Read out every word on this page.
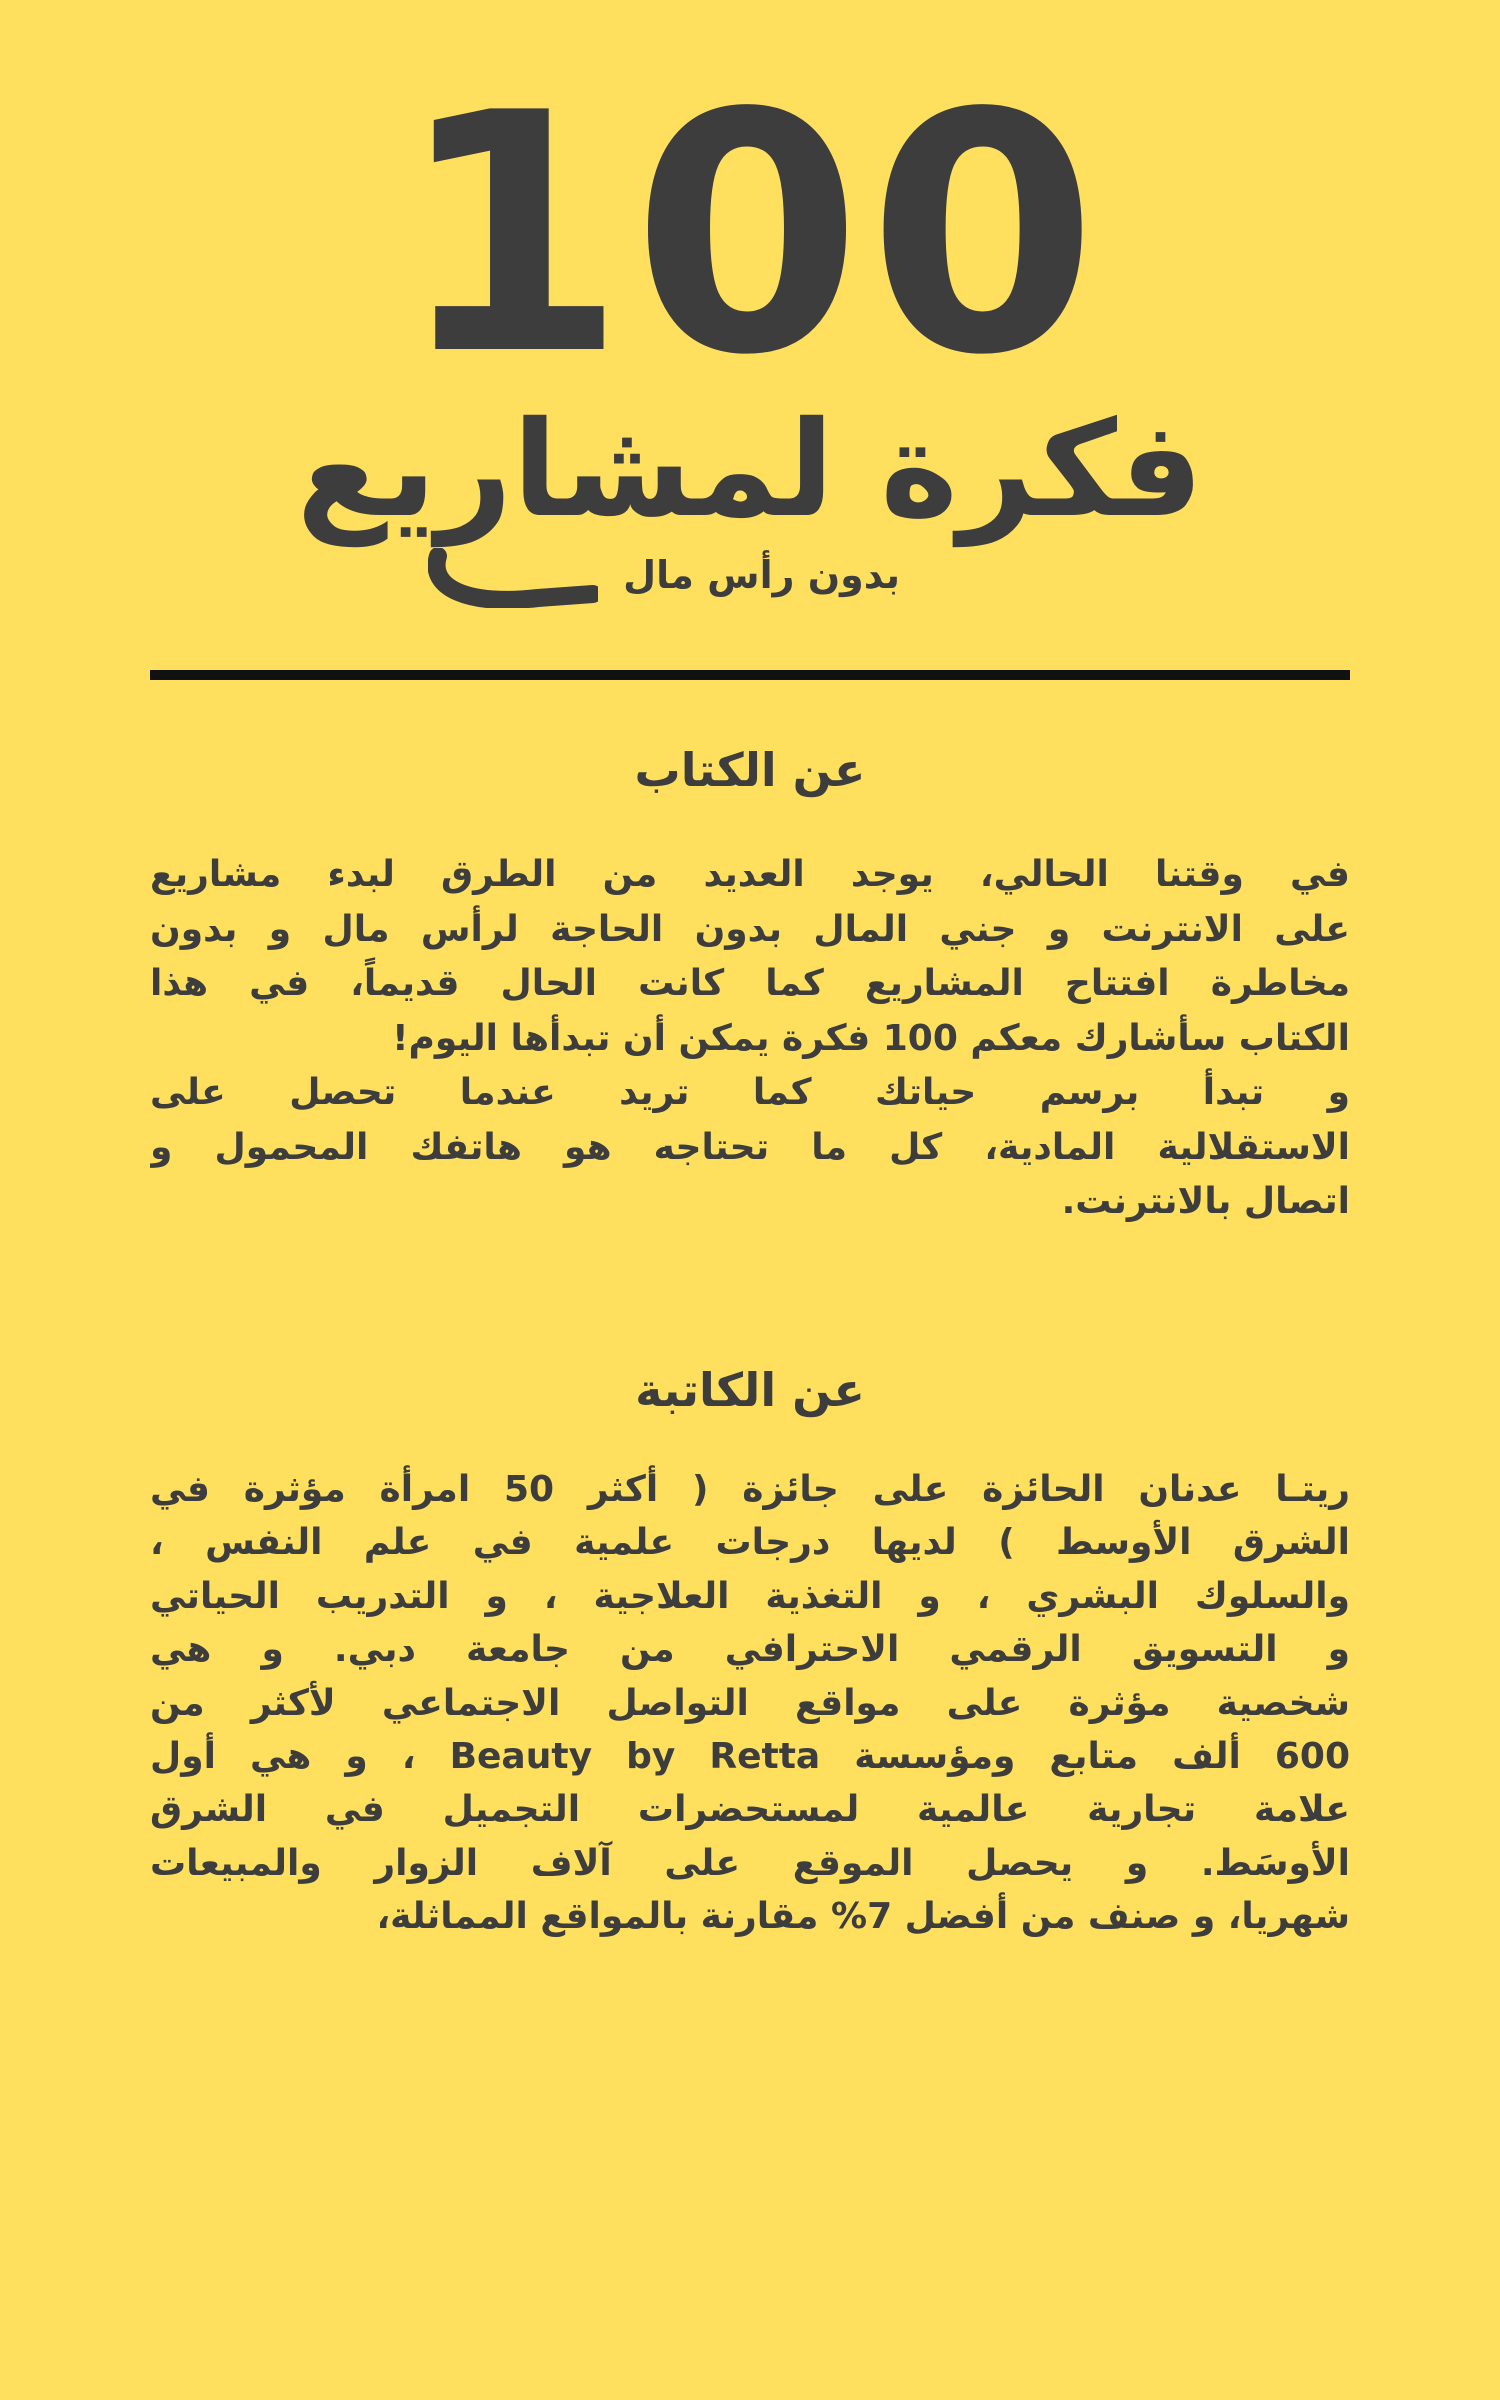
100
فكرة لمشاريع
بدون رأس مال
عن الكتاب
في وقتنا الحالي، يوجد العديد من الطرق لبدء مشاريع
على الانترنت و جني المال بدون الحاجة لرأس مال و بدون
مخاطرة افتتاح المشاريع كما كانت الحال قديماً، في هذا
الكتاب سأشارك معكم 100 فكرة يمكن أن تبدأها اليوم!
و تبدأ برسم حياتك كما تريد عندما تحصل على
الاستقلالية المادية، كل ما تحتاجه هو هاتفك المحمول و
اتصال بالانترنت.
عن الكاتبة
ريتـا عدنان الحائزة على جائزة ( أكثر 50 امرأة مؤثرة في
الشرق الأوسط ) لديها درجات علمية في علم النفس ،
والسلوك البشري ، و التغذية العلاجية ، و التدريب الحياتي
و التسويق الرقمي الاحترافي من جامعة دبي. و هي
شخصية مؤثرة على مواقع التواصل الاجتماعي لأكثر من
600 ألف متابع ومؤسسة Beauty by Retta ، و هي أول
علامة تجارية عالمية لمستحضرات التجميل في الشرق
الأوسَط. و يحصل الموقع على آلاف الزوار والمبيعات
شهريا، و صنف من أفضل 7% مقارنة بالمواقع المماثلة،
